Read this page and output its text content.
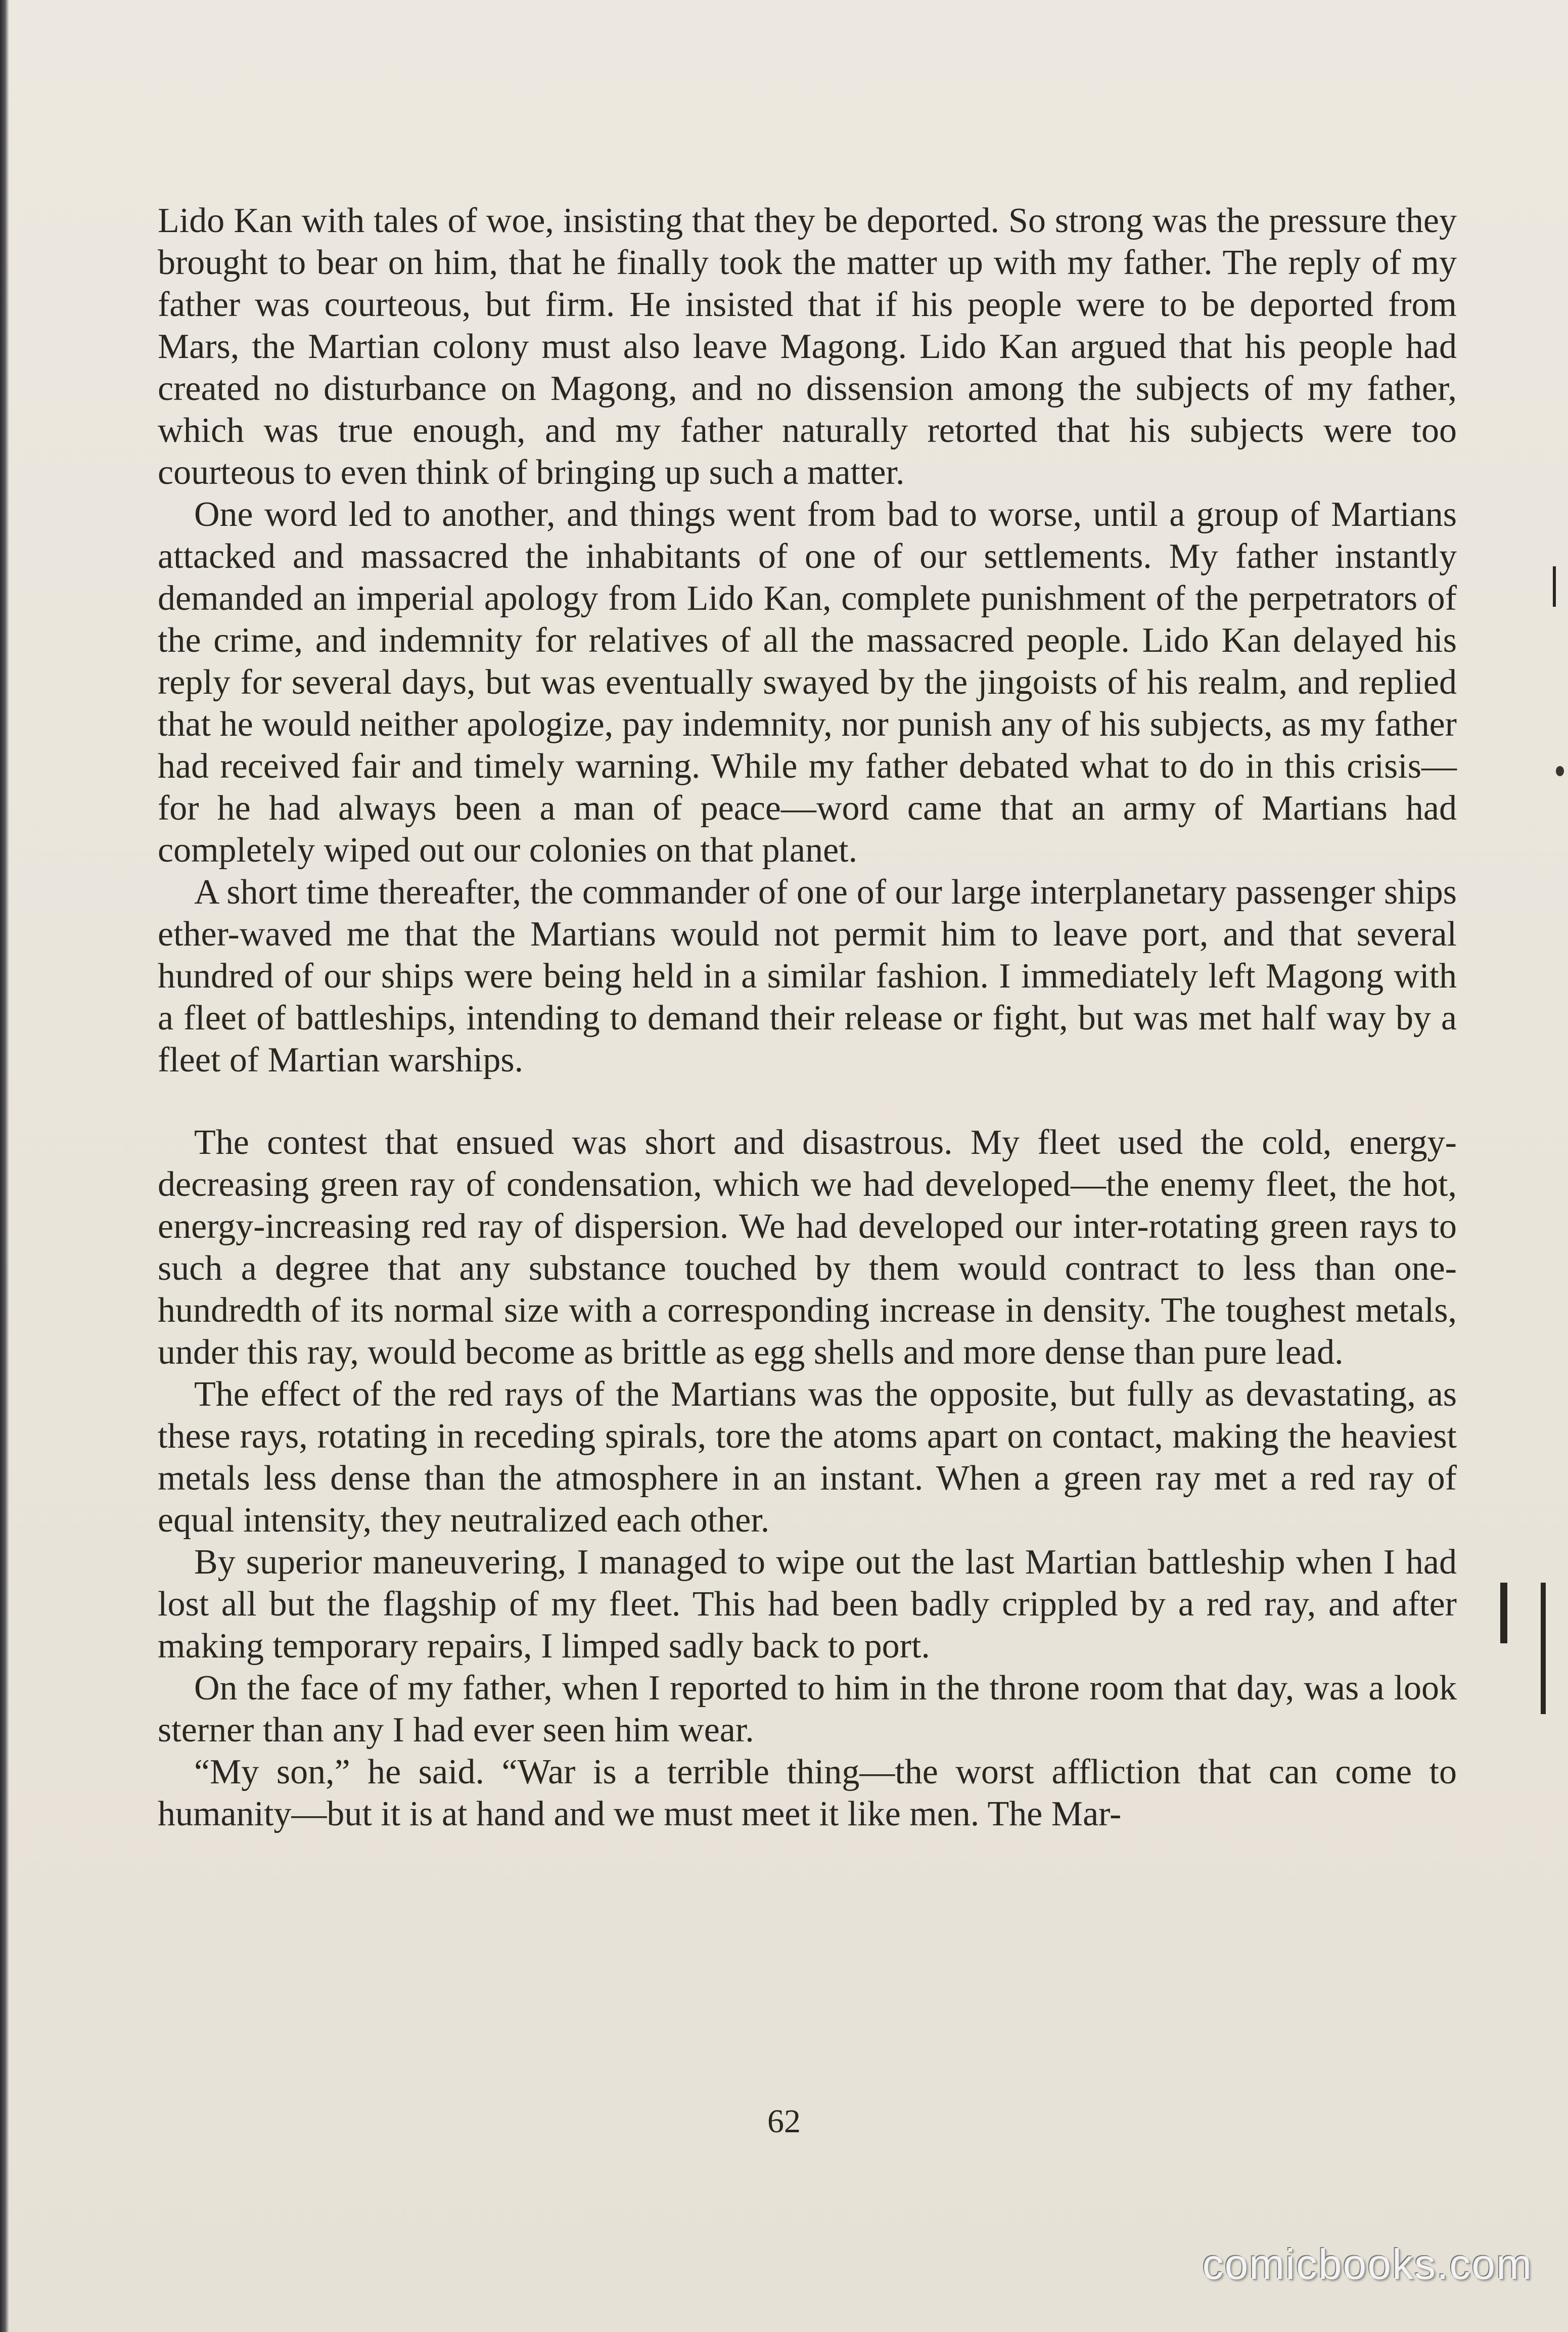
Lido Kan with tales of woe, insisting that they be deported. So strong was the pressure they brought to bear on him, that he finally took the matter up with my father. The reply of my father was courteous, but firm. He insisted that if his people were to be deported from Mars, the Martian colony must also leave Magong. Lido Kan argued that his people had created no disturbance on Magong, and no dissension among the subjects of my father, which was true enough, and my father naturally retorted that his subjects were too courteous to even think of bringing up such a matter.

One word led to another, and things went from bad to worse, until a group of Martians attacked and massacred the inhabitants of one of our settlements. My father instantly demanded an imperial apology from Lido Kan, complete punishment of the perpetrators of the crime, and indemnity for relatives of all the massacred people. Lido Kan delayed his reply for several days, but was eventually swayed by the jingoists of his realm, and replied that he would neither apologize, pay indemnity, nor punish any of his subjects, as my father had received fair and timely warning. While my father debated what to do in this crisis—for he had always been a man of peace—word came that an army of Martians had completely wiped out our colonies on that planet.

A short time thereafter, the commander of one of our large interplanetary passenger ships ether-waved me that the Martians would not permit him to leave port, and that several hundred of our ships were being held in a similar fashion. I immediately left Magong with a fleet of battleships, intending to demand their release or fight, but was met half way by a fleet of Martian warships.

The contest that ensued was short and disastrous. My fleet used the cold, energy-decreasing green ray of condensation, which we had developed—the enemy fleet, the hot, energy-increasing red ray of dispersion. We had developed our inter-rotating green rays to such a degree that any substance touched by them would contract to less than one-hundredth of its normal size with a corresponding increase in density. The toughest metals, under this ray, would become as brittle as egg shells and more dense than pure lead.

The effect of the red rays of the Martians was the opposite, but fully as devastating, as these rays, rotating in receding spirals, tore the atoms apart on contact, making the heaviest metals less dense than the atmosphere in an instant. When a green ray met a red ray of equal intensity, they neutralized each other.

By superior maneuvering, I managed to wipe out the last Martian battleship when I had lost all but the flagship of my fleet. This had been badly crippled by a red ray, and after making temporary repairs, I limped sadly back to port.

On the face of my father, when I reported to him in the throne room that day, was a look sterner than any I had ever seen him wear.

“My son,” he said. “War is a terrible thing—the worst affliction that can come to humanity—but it is at hand and we must meet it like men. The Mar-

62
comicbooks.com
